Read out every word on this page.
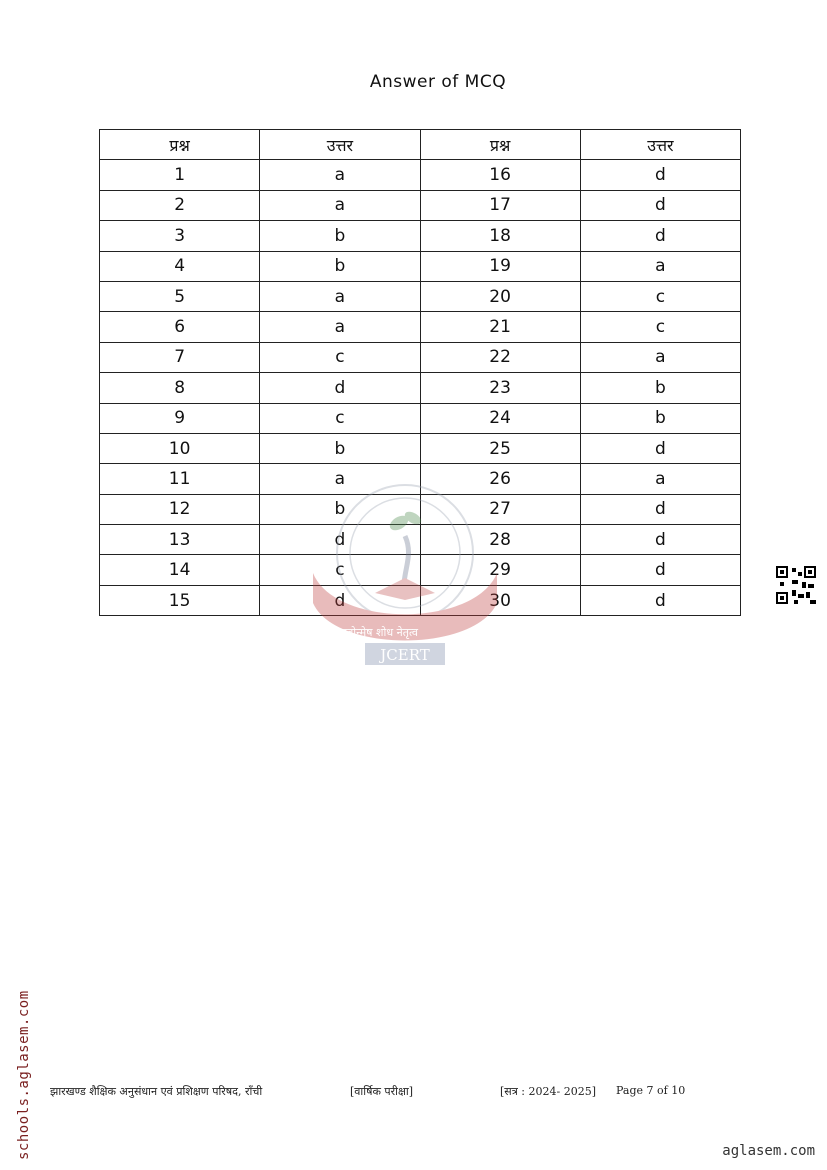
Answer of MCQ
प्रश्न	उत्तर	प्रश्न	उत्तर
1	a	16	d
2	a	17	d
3	b	18	d
4	b	19	a
5	a	20	c
6	a	21	c
7	c	22	a
8	d	23	b
9	c	24	b
10	b	25	d
11	a	26	a
12	b	27	d
13	d	28	d
14	c	29	d
15	d	30	d
नवोन्मेष शोध नेतृत्व
JCERT
schools.aglasem.com झारखण्ड शैक्षिक अनुसंधान एवं प्रशिक्षण परिषद, राँची	[वार्षिक परीक्षा]	[सत्र : 2024- 2025] Page 7 of 10
aglasem.com
